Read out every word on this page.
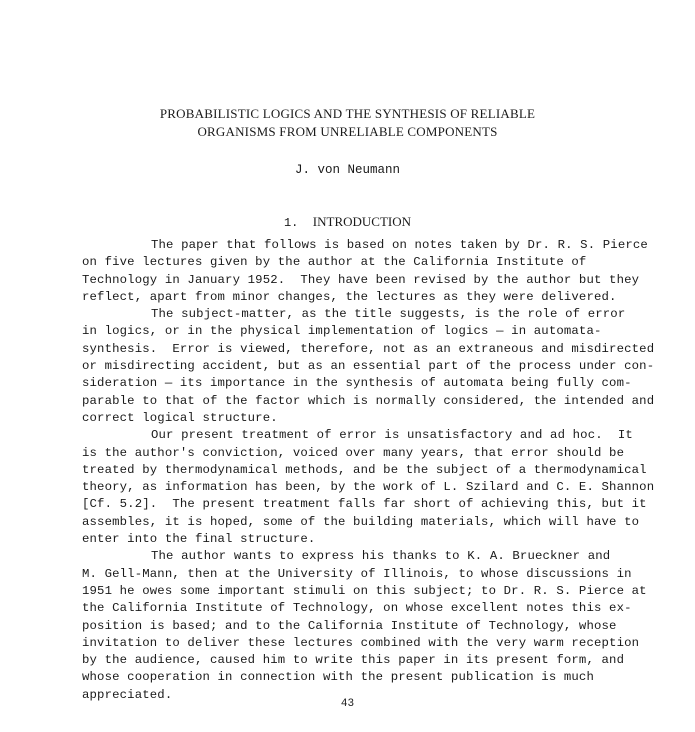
PROBABILISTIC LOGICS AND THE SYNTHESIS OF RELIABLE
ORGANISMS FROM UNRELIABLE COMPONENTS
J. von Neumann
1. INTRODUCTION
The paper that follows is based on notes taken by Dr. R. S. Pierce
on five lectures given by the author at the California Institute of
Technology in January 1952.  They have been revised by the author but they
reflect, apart from minor changes, the lectures as they were delivered.
The subject-matter, as the title suggests, is the role of error
in logics, or in the physical implementation of logics — in automata-
synthesis.  Error is viewed, therefore, not as an extraneous and misdirected
or misdirecting accident, but as an essential part of the process under con-
sideration — its importance in the synthesis of automata being fully com-
parable to that of the factor which is normally considered, the intended and
correct logical structure.
Our present treatment of error is unsatisfactory and ad hoc.  It
is the author's conviction, voiced over many years, that error should be
treated by thermodynamical methods, and be the subject of a thermodynamical
theory, as information has been, by the work of L. Szilard and C. E. Shannon
[Cf. 5.2].  The present treatment falls far short of achieving this, but it
assembles, it is hoped, some of the building materials, which will have to
enter into the final structure.
The author wants to express his thanks to K. A. Brueckner and
M. Gell-Mann, then at the University of Illinois, to whose discussions in
1951 he owes some important stimuli on this subject; to Dr. R. S. Pierce at
the California Institute of Technology, on whose excellent notes this ex-
position is based; and to the California Institute of Technology, whose
invitation to deliver these lectures combined with the very warm reception
by the audience, caused him to write this paper in its present form, and
whose cooperation in connection with the present publication is much
appreciated.
43
